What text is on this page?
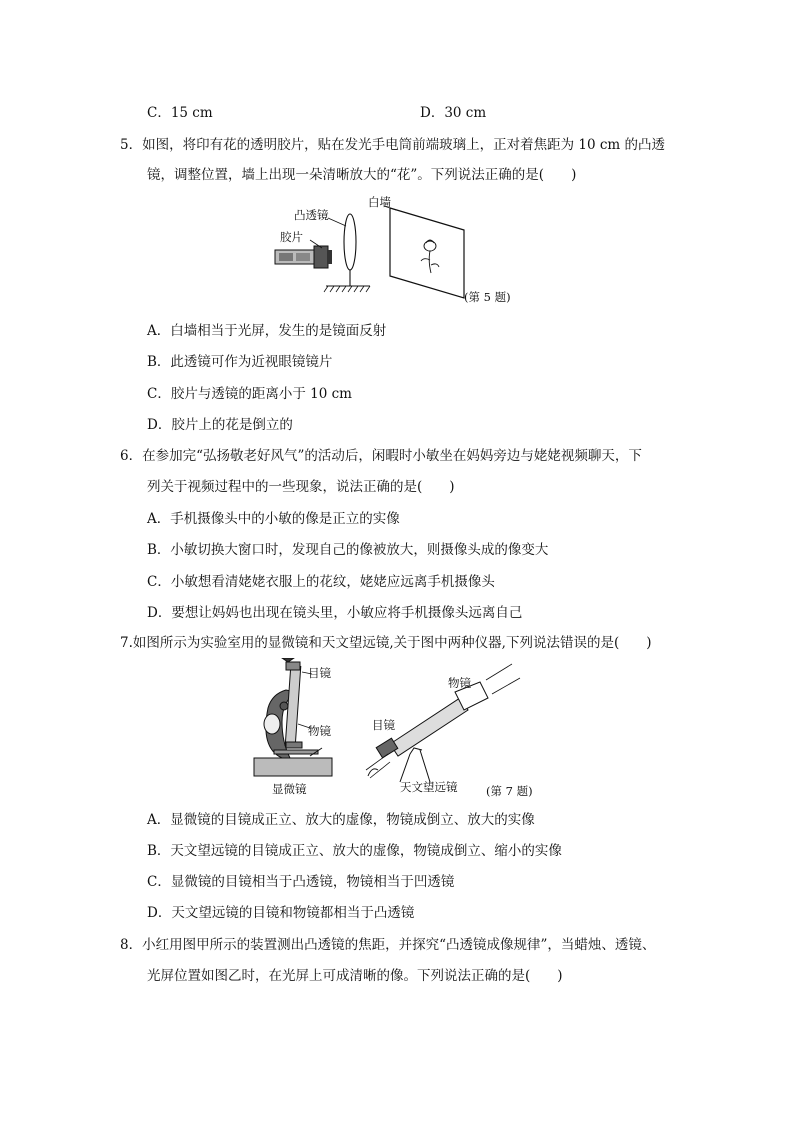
C．15 cm	D．30 cm
5．如图，将印有花的透明胶片，贴在发光手电筒前端玻璃上，正对着焦距为 10 cm 的凸透
镜，调整位置，墙上出现一朵清晰放大的“花”。下列说法正确的是(　　)
白墙
凸透镜
胶片
(第 5 题)
A．白墙相当于光屏，发生的是镜面反射
B．此透镜可作为近视眼镜镜片
C．胶片与透镜的距离小于 10 cm
D．胶片上的花是倒立的
6．在参加完“弘扬敬老好风气”的活动后，闲暇时小敏坐在妈妈旁边与姥姥视频聊天，下
列关于视频过程中的一些现象，说法正确的是(　　)
A．手机摄像头中的小敏的像是正立的实像
B．小敏切换大窗口时，发现自己的像被放大，则摄像头成的像变大
C．小敏想看清姥姥衣服上的花纹，姥姥应远离手机摄像头
D．要想让妈妈也出现在镜头里，小敏应将手机摄像头远离自己
7.如图所示为实验室用的显微镜和天文望远镜,关于图中两种仪器,下列说法错误的是(　　)
目镜
物镜
显微镜
物镜
目镜
天文望远镜 (第 7 题)
A．显微镜的目镜成正立、放大的虚像，物镜成倒立、放大的实像
B．天文望远镜的目镜成正立、放大的虚像，物镜成倒立、缩小的实像
C．显微镜的目镜相当于凸透镜，物镜相当于凹透镜
D．天文望远镜的目镜和物镜都相当于凸透镜
8．小红用图甲所示的装置测出凸透镜的焦距，并探究“凸透镜成像规律”，当蜡烛、透镜、
光屏位置如图乙时，在光屏上可成清晰的像。下列说法正确的是(　　)
